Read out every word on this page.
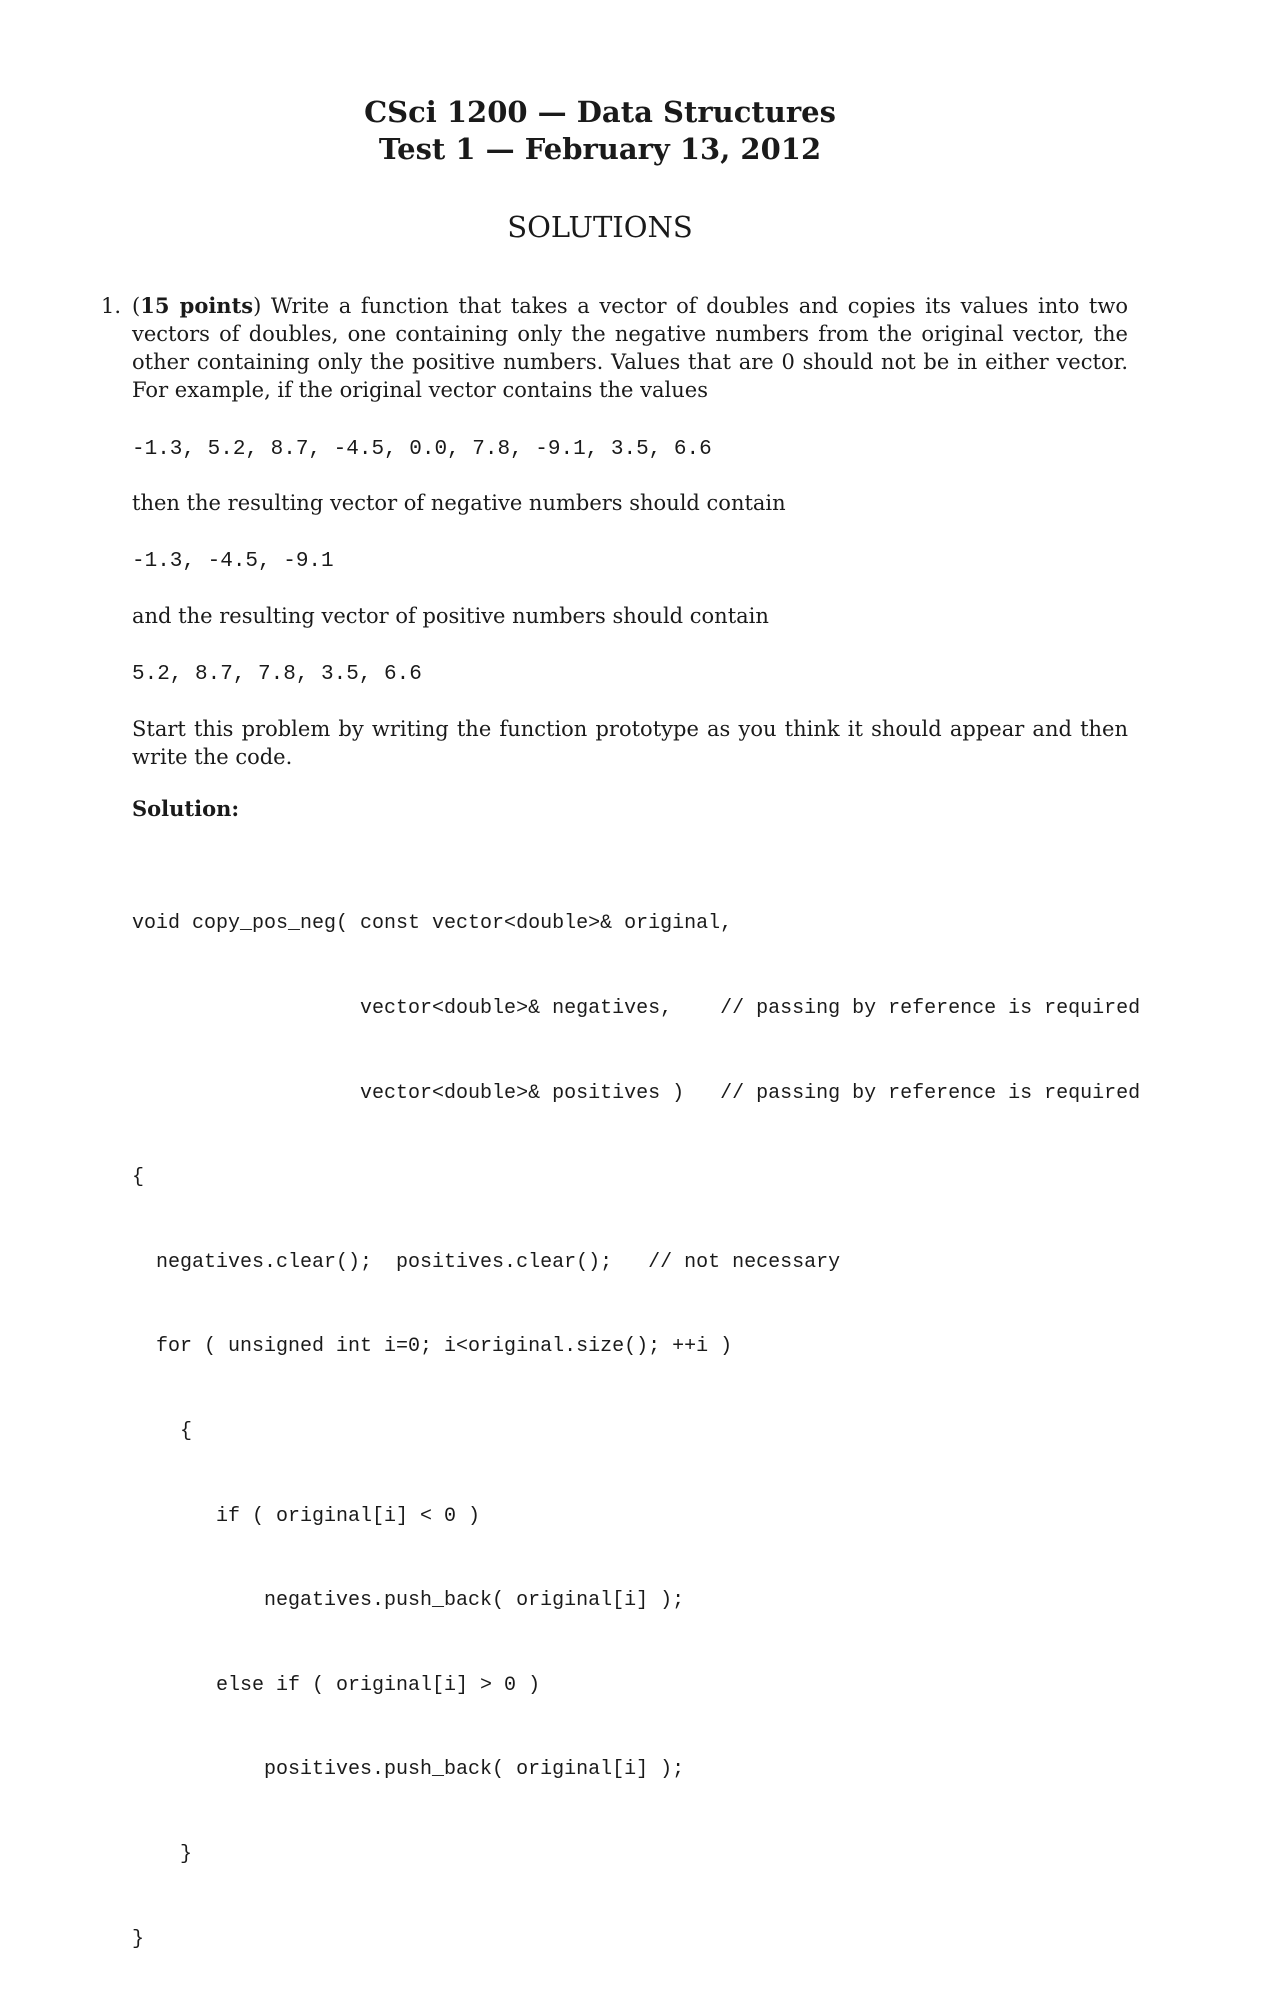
CSci 1200 — Data Structures
Test 1 — February 13, 2012
SOLUTIONS
1. (15 points) Write a function that takes a vector of doubles and copies its values into two vectors of doubles, one containing only the negative numbers from the original vector, the other containing only the positive numbers. Values that are 0 should not be in either vector. For example, if the original vector contains the values
-1.3, 5.2, 8.7, -4.5, 0.0, 7.8, -9.1, 3.5, 6.6
then the resulting vector of negative numbers should contain
-1.3, -4.5, -9.1
and the resulting vector of positive numbers should contain
5.2, 8.7, 7.8, 3.5, 6.6
Start this problem by writing the function prototype as you think it should appear and then write the code.
Solution:

void copy_pos_neg( const vector<double>& original,

vector<double>& negatives,    // passing by reference is required

vector<double>& positives )   // passing by reference is required

{

negatives.clear();  positives.clear();   // not necessary

for ( unsigned int i=0; i<original.size(); ++i )

{

if ( original[i] < 0 )

negatives.push_back( original[i] );

else if ( original[i] > 0 )

positives.push_back( original[i] );

}

}
